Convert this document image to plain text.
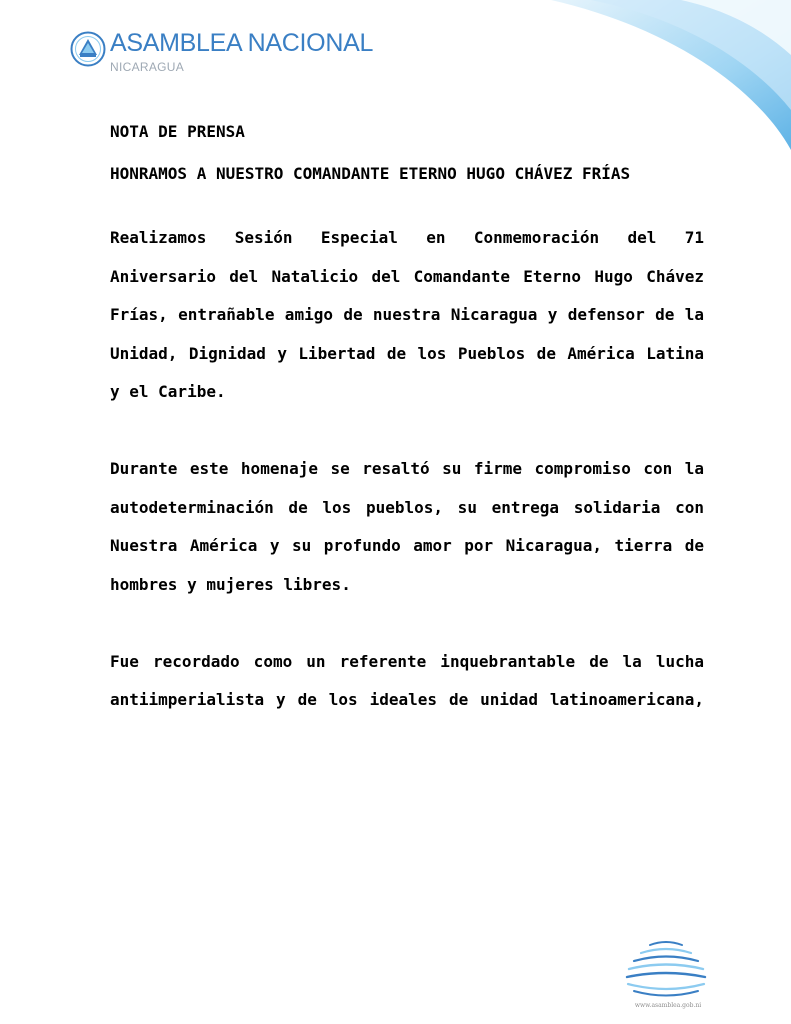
ASAMBLEA NACIONAL
NICARAGUA

NOTA DE PRENSA

HONRAMOS A NUESTRO COMANDANTE ETERNO HUGO CHÁVEZ FRÍAS

Realizamos Sesión Especial en Conmemoración del 71 Aniversario del Natalicio del Comandante Eterno Hugo Chávez Frías, entrañable amigo de nuestra Nicaragua y defensor de la Unidad, Dignidad y Libertad de los Pueblos de América Latina y el Caribe.

Durante este homenaje se resaltó su firme compromiso con la autodeterminación de los pueblos, su entrega solidaria con Nuestra América y su profundo amor por Nicaragua, tierra de hombres y mujeres libres.

Fue recordado como un referente inquebrantable de la lucha antiimperialista y de los ideales de unidad latinoamericana,

www.asamblea.gob.ni
